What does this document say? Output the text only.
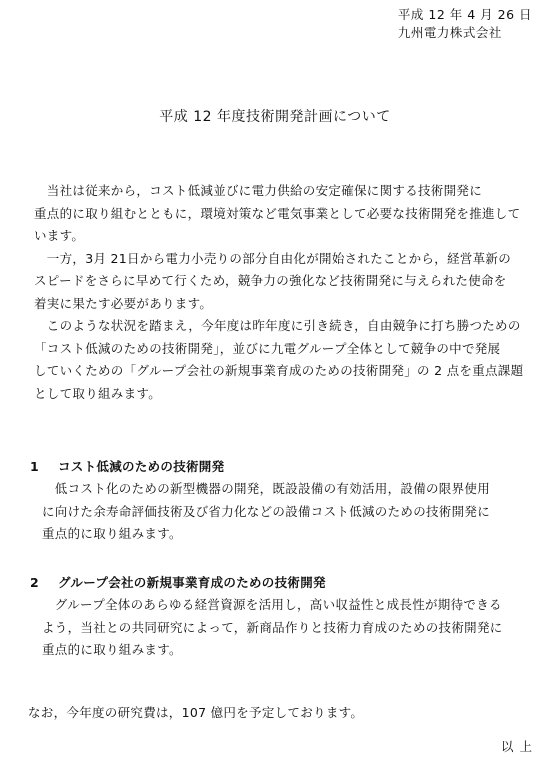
平成 12 年 4 月 26 日
九州電力株式会社
平成 12 年度技術開発計画について
　当社は従来から，コスト低減並びに電力供給の安定確保に関する技術開発に
重点的に取り組むとともに，環境対策など電気事業として必要な技術開発を推進して
います。
　一方，3月 21日から電力小売りの部分自由化が開始されたことから，経営革新の
スピードをさらに早めて行くため，競争力の強化など技術開発に与えられた使命を
着実に果たす必要があります。
　このような状況を踏まえ，今年度は昨年度に引き続き，自由競争に打ち勝つための
「コスト低減のための技術開発」，並びに九電グループ全体として競争の中で発展
していくための「グループ会社の新規事業育成のための技術開発」の 2 点を重点課題
として取り組みます。
1 コスト低減のための技術開発
　低コスト化のための新型機器の開発，既設設備の有効活用，設備の限界使用
に向けた余寿命評価技術及び省力化などの設備コスト低減のための技術開発に
重点的に取り組みます。
2 グループ会社の新規事業育成のための技術開発
　グループ全体のあらゆる経営資源を活用し，高い収益性と成長性が期待できる
よう，当社との共同研究によって，新商品作りと技術力育成のための技術開発に
重点的に取り組みます。
なお，今年度の研究費は，107 億円を予定しております。
以上
